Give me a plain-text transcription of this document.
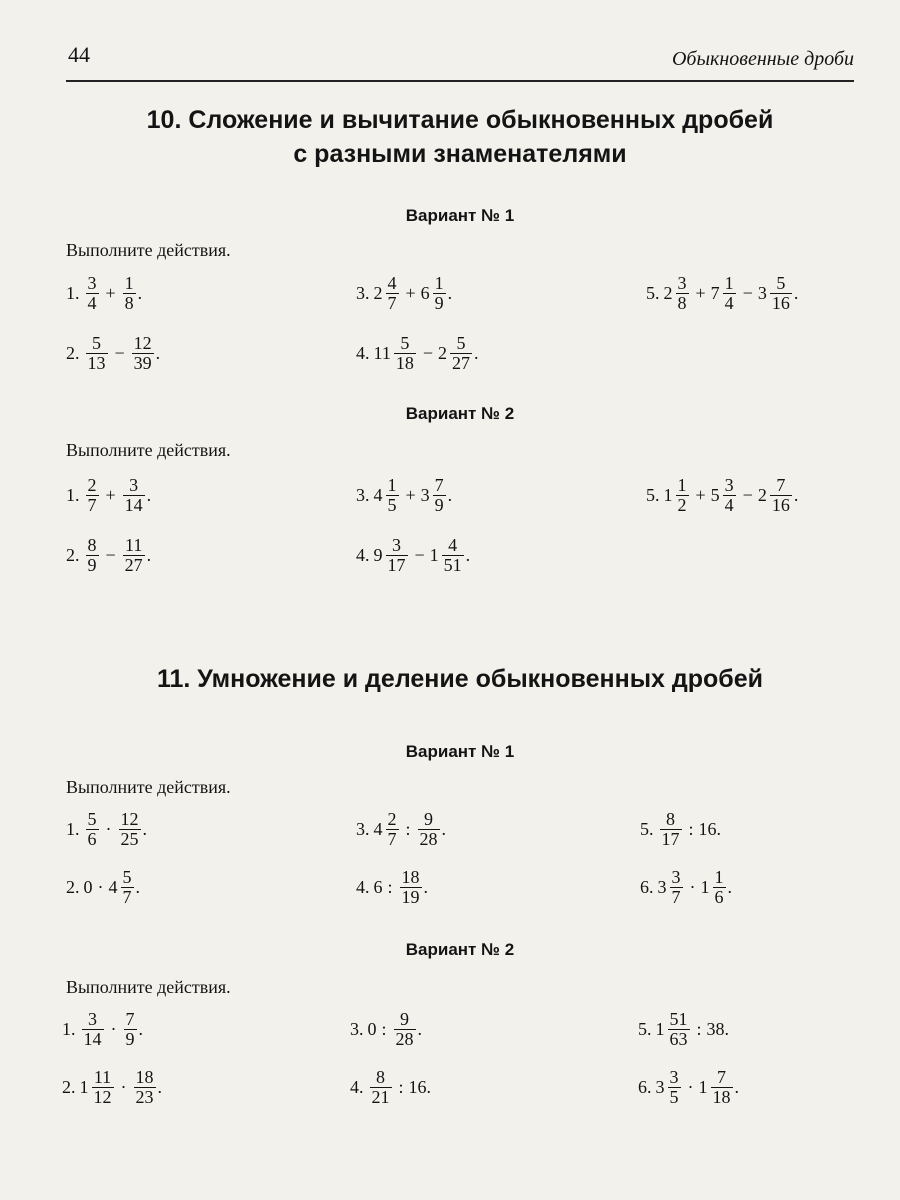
44	Обыкновенные дроби
10. Сложение и вычитание обыкновенных дробей
с разными знаменателями
Вариант № 1
Выполните действия.
1. $\frac{3}{4} + \frac{1}{8}$ .
2. $\frac{5}{13} - \frac{12}{39}$ .
3. $2 \frac{4}{7} + 6 \frac{1}{9}$ .
4. $11 \frac{5}{18} - 2 \frac{5}{27}$ .
5. $2 \frac{3}{8} + 7 \frac{1}{4} - 3 \frac{5}{16}$ .
Вариант № 2
Выполните действия.
1. $\frac{2}{7} + \frac{3}{14}$ .
2. $\frac{8}{9} - \frac{11}{27}$ .
3. $4 \frac{1}{5} + 3 \frac{7}{9}$ .
4. $9 \frac{3}{17} - 1 \frac{4}{51}$ .
5. $1 \frac{1}{2} + 5 \frac{3}{4} - 2 \frac{7}{16}$ .
11. Умножение и деление обыкновенных дробей
Вариант № 1
Выполните действия.
1. $\frac{5}{6} \cdot \frac{12}{25}$ .
2. $0 \cdot 4 \frac{5}{7}$ .
3. $4 \frac{2}{7}$ : $\frac{9}{28}$ .
4. 6 : $\frac{18}{19}$ .
5. $\frac{8}{17}$ : 16 .
6. $3 \frac{3}{7} \cdot 1 \frac{1}{6}$ .
Вариант № 2
Выполните действия.
1. $\frac{3}{14} \cdot \frac{7}{9}$ .
2. $1 \frac{11}{12} \cdot \frac{18}{23}$ .
3. 0 : $\frac{9}{28}$ .
4. $\frac{8}{21}$ : 16 .
5. $1 \frac{51}{63}$ : 38 .
6. $3 \frac{3}{5} \cdot 1 \frac{7}{18}$ .
